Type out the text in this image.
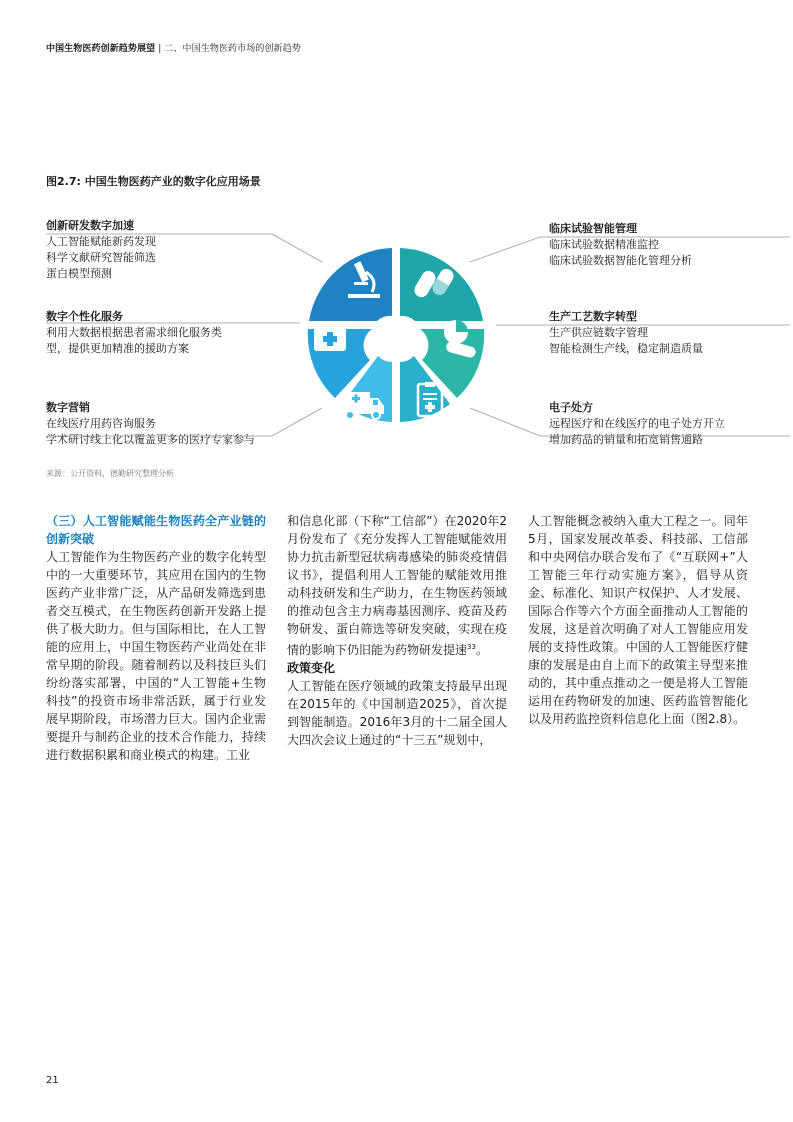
中国生物医药创新趋势展望 | 二、中国生物医药市场的创新趋势
图2.7: 中国生物医药产业的数字化应用场景
创新研发数字加速
人工智能赋能新药发现
科学文献研究智能筛选
蛋白模型预测
数字个性化服务
利用大数据根据患者需求细化服务类
型，提供更加精准的援助方案
数字营销
在线医疗用药咨询服务
学术研讨线上化以覆盖更多的医疗专家参与
临床试验智能管理
临床试验数据精准监控
临床试验数据智能化管理分析
生产工艺数字转型
生产供应链数字管理
智能检测生产线，稳定制造质量
电子处方
远程医疗和在线医疗的电子处方开立
增加药品的销量和拓宽销售通路
来源：公开资料，德勤研究整理分析

（三）人工智能赋能生物医药全产业链的创新突破

人工智能作为生物医药产业的数字化转型中的一大重要环节，其应用在国内的生物医药产业非常广泛，从产品研发筛选到患者交互模式，在生物医药创新开发路上提供了极大助力。但与国际相比，在人工智能的应用上，中国生物医药产业尚处在非常早期的阶段。随着制药以及科技巨头们纷纷落实部署，中国的“人工智能+生物科技”的投资市场非常活跃，属于行业发展早期阶段，市场潜力巨大。国内企业需要提升与制药企业的技术合作能力，持续进行数据积累和商业模式的构建。工业

和信息化部（下称“工信部”）在2020年2月份发布了《充分发挥人工智能赋能效用协力抗击新型冠状病毒感染的肺炎疫情倡议书》，提倡利用人工智能的赋能效用推动科技研发和生产助力，在生物医药领域的推动包含主力病毒基因测序、疫苗及药物研发、蛋白筛选等研发突破，实现在疫情的影响下仍旧能为药物研发提速$^{33}$。

政策变化

人工智能在医疗领域的政策支持最早出现在2015年的《中国制造2025》，首次提到智能制造。2016年3月的十二届全国人大四次会议上通过的“十三五”规划中，

人工智能概念被纳入重大工程之一。同年5月，国家发展改革委、科技部、工信部和中央网信办联合发布了《“互联网+”人工智能三年行动实施方案》，倡导从资金、标准化、知识产权保护、人才发展、国际合作等六个方面全面推动人工智能的发展，这是首次明确了对人工智能应用发展的支持性政策。中国的人工智能医疗健康的发展是由自上而下的政策主导型来推动的，其中重点推动之一便是将人工智能运用在药物研发的加速、医药监管智能化以及用药监控资料信息化上面（图2.8）。

21
